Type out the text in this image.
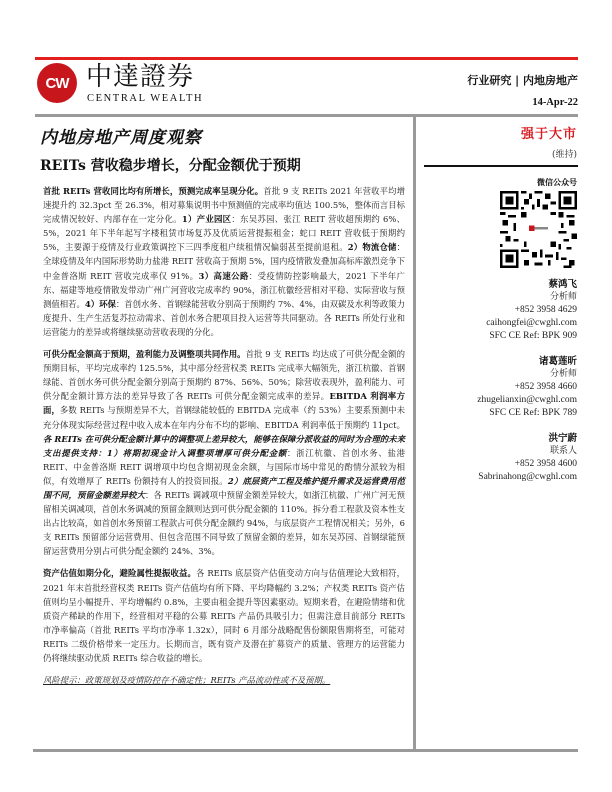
CW 中達證券
CENTRAL WEALTH
行业研究 | 内地房地产
14-Apr-22
内地房地产周度观察
REITs 营收稳步增长，分配金额优于预期

首批 REITs 营收同比均有所增长，预测完成率呈现分化。首批 9 支 REITs 2021 年营收平均增速提升约 32.3pct 至 26.3%，相对募集说明书中预测值的完成率均值达 100.5%，整体而言目标完成情况较好、内部存在一定分化。1）产业园区：东吴苏园、张江 REIT 营收超预期约 6%、5%，2021 年下半年起写字楼租赁市场复苏及优质运营提振租金；蛇口 REIT 营收低于预期约 5%，主要源于疫情及行业政策调控下三四季度租户续租情况偏弱甚至提前退租。2）物流仓储：全球疫情及年内国际形势助力盐港 REIT 营收高于预期 5%，国内疫情散发叠加高标库激烈竞争下中金普洛斯 REIT 营收完成率仅 91%。3）高速公路：受疫情防控影响最大，2021 下半年广东、福建等地疫情散发带动广州广河营收完成率约 90%，浙江杭徽经营相对平稳、实际营收与预测值相若。4）环保：首创水务、首钢绿能营收分别高于预期约 7%、4%，由双碳及水利等政策力度提升、生产生活复苏拉动需求、首创水务合肥项目投入运营等共同驱动。各 REITs 所处行业和运营能力的差异或将继续驱动营收表现的分化。

可供分配金额高于预期，盈利能力及调整项共同作用。首批 9 支 REITs 均达成了可供分配金额的预期目标，平均完成率约 125.5%，其中部分经营权类 REITs 完成率大幅领先，浙江杭徽、首钢绿能、首创水务可供分配金额分别高于预期约 87%、56%、50%；除营收表现外，盈利能力、可供分配金额计算方法的差异导致了各 REITs 可供分配金额完成率的差异。EBITDA 利润率方面，多数 REITs 与预期差异不大，首钢绿能较低的 EBITDA 完成率（约 53%）主要系预测中未充分体现实际经营过程中收入成本在年内分布不均的影响、EBITDA 利润率低于预期约 11pct。各 REITs 在可供分配金额计算中的调整项上差异较大，能够在保障分派收益的同时为合理的未来支出提供支持：1）将期初现金计入调整项增厚可供分配金额：浙江杭徽、首创水务、盐港 REIT、中金普洛斯 REIT 调增项中均包含期初现金余额，与国际市场中常见的酌情分派较为相似，有效增厚了 REITs 份额持有人的投资回报。2）底层资产工程及维护提升需求及运营费用范围不同，预留金额差异较大：各 REITs 调减项中预留金额差异较大，如浙江杭徽、广州广河无预留相关调减项，首创水务调减的预留金额则达到可供分配金额的 110%。拆分看工程款及资本性支出占比较高，如首创水务预留工程款占可供分配金额约 94%，与底层资产工程情况相关；另外，6 支 REITs 预留部分运营费用、但包含范围不同导致了预留金额的差异，如东吴苏园、首钢绿能预留运营费用分别占可供分配金额约 24%、3%。

资产估值如期分化，避险属性提振收益。各 REITs 底层资产估值变动方向与估值理论大致相符，2021 年末首批经营权类 REITs 资产估值均有所下降、平均降幅约 3.2%；产权类 REITs 资产估值则均呈小幅提升、平均增幅约 0.8%，主要由租金提升等因素驱动。短期来看，在避险情绪和优质资产稀缺的作用下，经营相对平稳的公募 REITs 产品仍具吸引力；但需注意目前部分 REITs 市净率偏高（首批 REITs 平均市净率 1.32x），同时 6 月部分战略配售份额限售期将至，可能对 REITs 二级价格带来一定压力。长期而言，既有资产及潜在扩募资产的质量、管理方的运营能力仍将继续驱动优质 REITs 综合收益的增长。

风险提示：政策规划及疫情防控存不确定性；REITs 产品流动性或不及预期。

强于大市
(维持)
微信公众号
蔡鸿飞
分析师
+852 3958 4629
caihongfei@cwghl.com
SFC CE Ref: BPK 909
诸葛莲昕
分析师
+852 3958 4660
zhugelianxin@cwghl.com
SFC CE Ref: BPK 789
洪宁蔚
联系人
+852 3958 4600
Sabrinahong@cwghl.com
